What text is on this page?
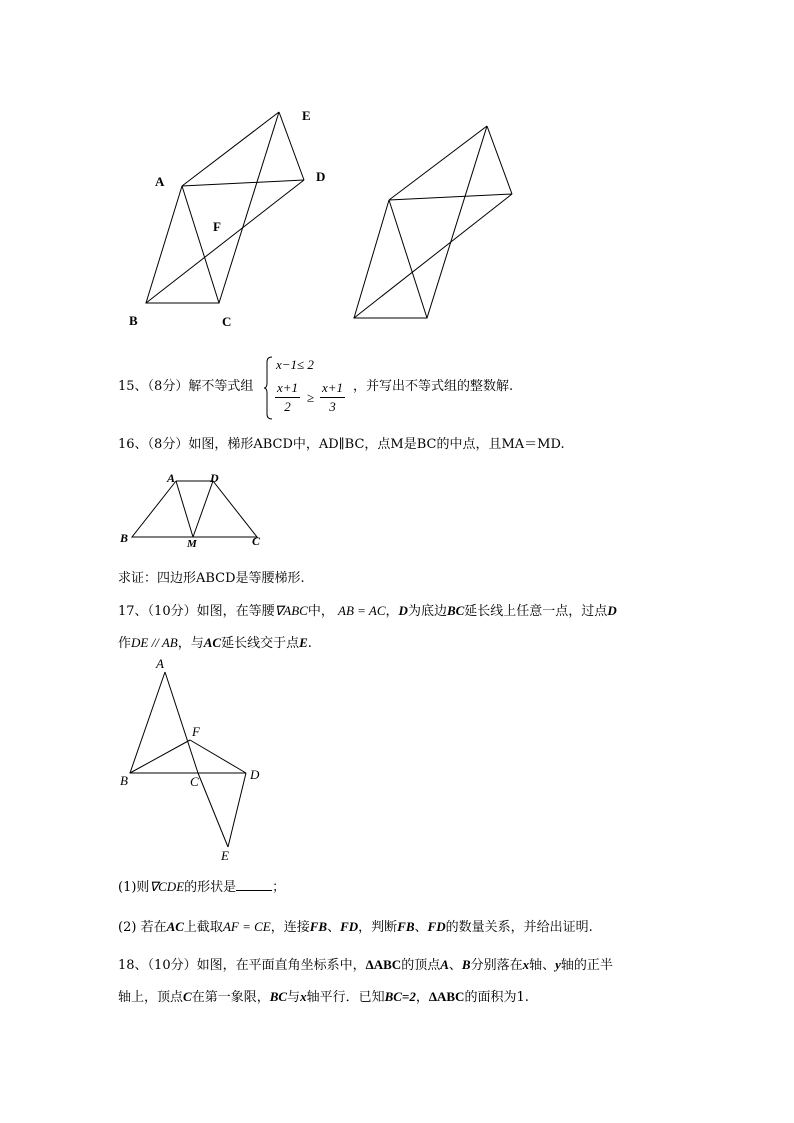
E
D
A
F
B	C
15、（8分）解不等式组
x−1≤ 2
$\frac{x+1}{2} \ge \frac{x+1}{3}$ ，并写出不等式组的整数解.
16、（8分）如图，梯形ABCD中，AD∥BC，点M是BC的中点，且MA＝MD.
A	D
B	M	C
求证：四边形ABCD是等腰梯形.
17、（10分）如图，在等腰∇ABC中， AB = AC，D为底边BC延长线上任意一点，过点D
作DE // AB，与AC延长线交于点E.
A
F
B	C	D
E
(1)则∇CDE的形状是	；
(2) 若在AC上截取AF = CE，连接FB、FD，判断FB、FD的数量关系，并给出证明.
18、（10分）如图，在平面直角坐标系中，ΔABC的顶点A、B分别落在x轴、y轴的正半
轴上，顶点C在第一象限，BC与x轴平行．已知BC=2，ΔABC的面积为1.
